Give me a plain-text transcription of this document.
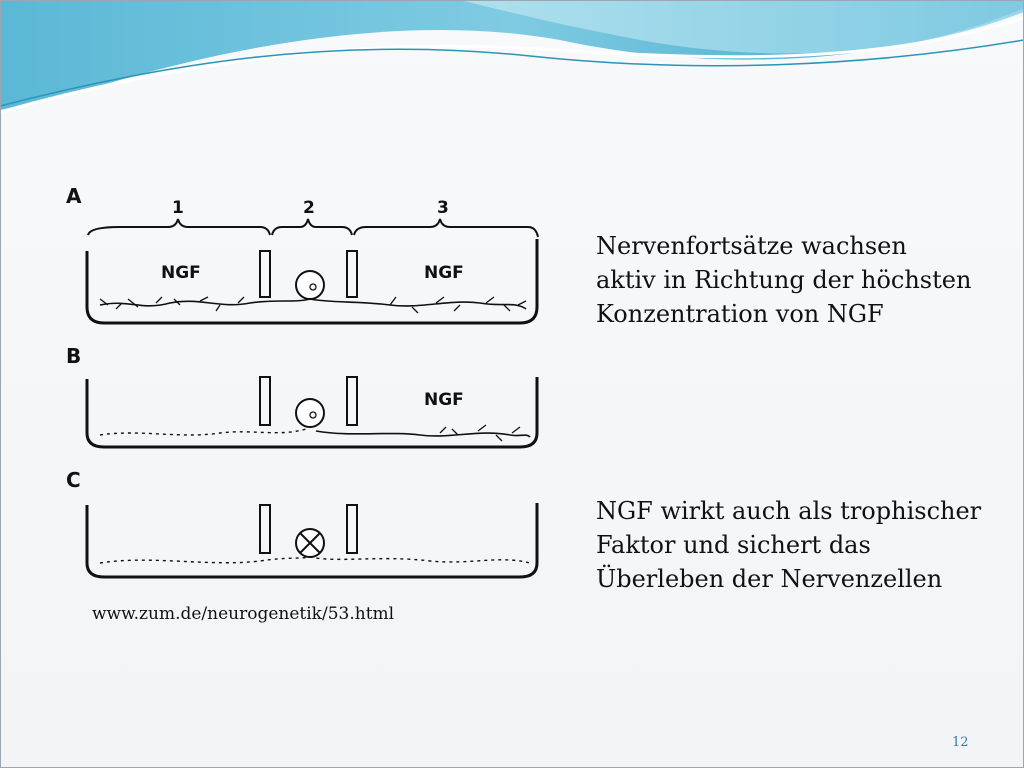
A	1	2	3
NGF	NGF
B
NGF
C

Nervenfortsätze wachsen
aktiv in Richtung der höchsten
Konzentration von NGF

NGF wirkt auch als trophischer
Faktor und sichert das
Überleben der Nervenzellen

www.zum.de/neurogenetik/53.html
12
